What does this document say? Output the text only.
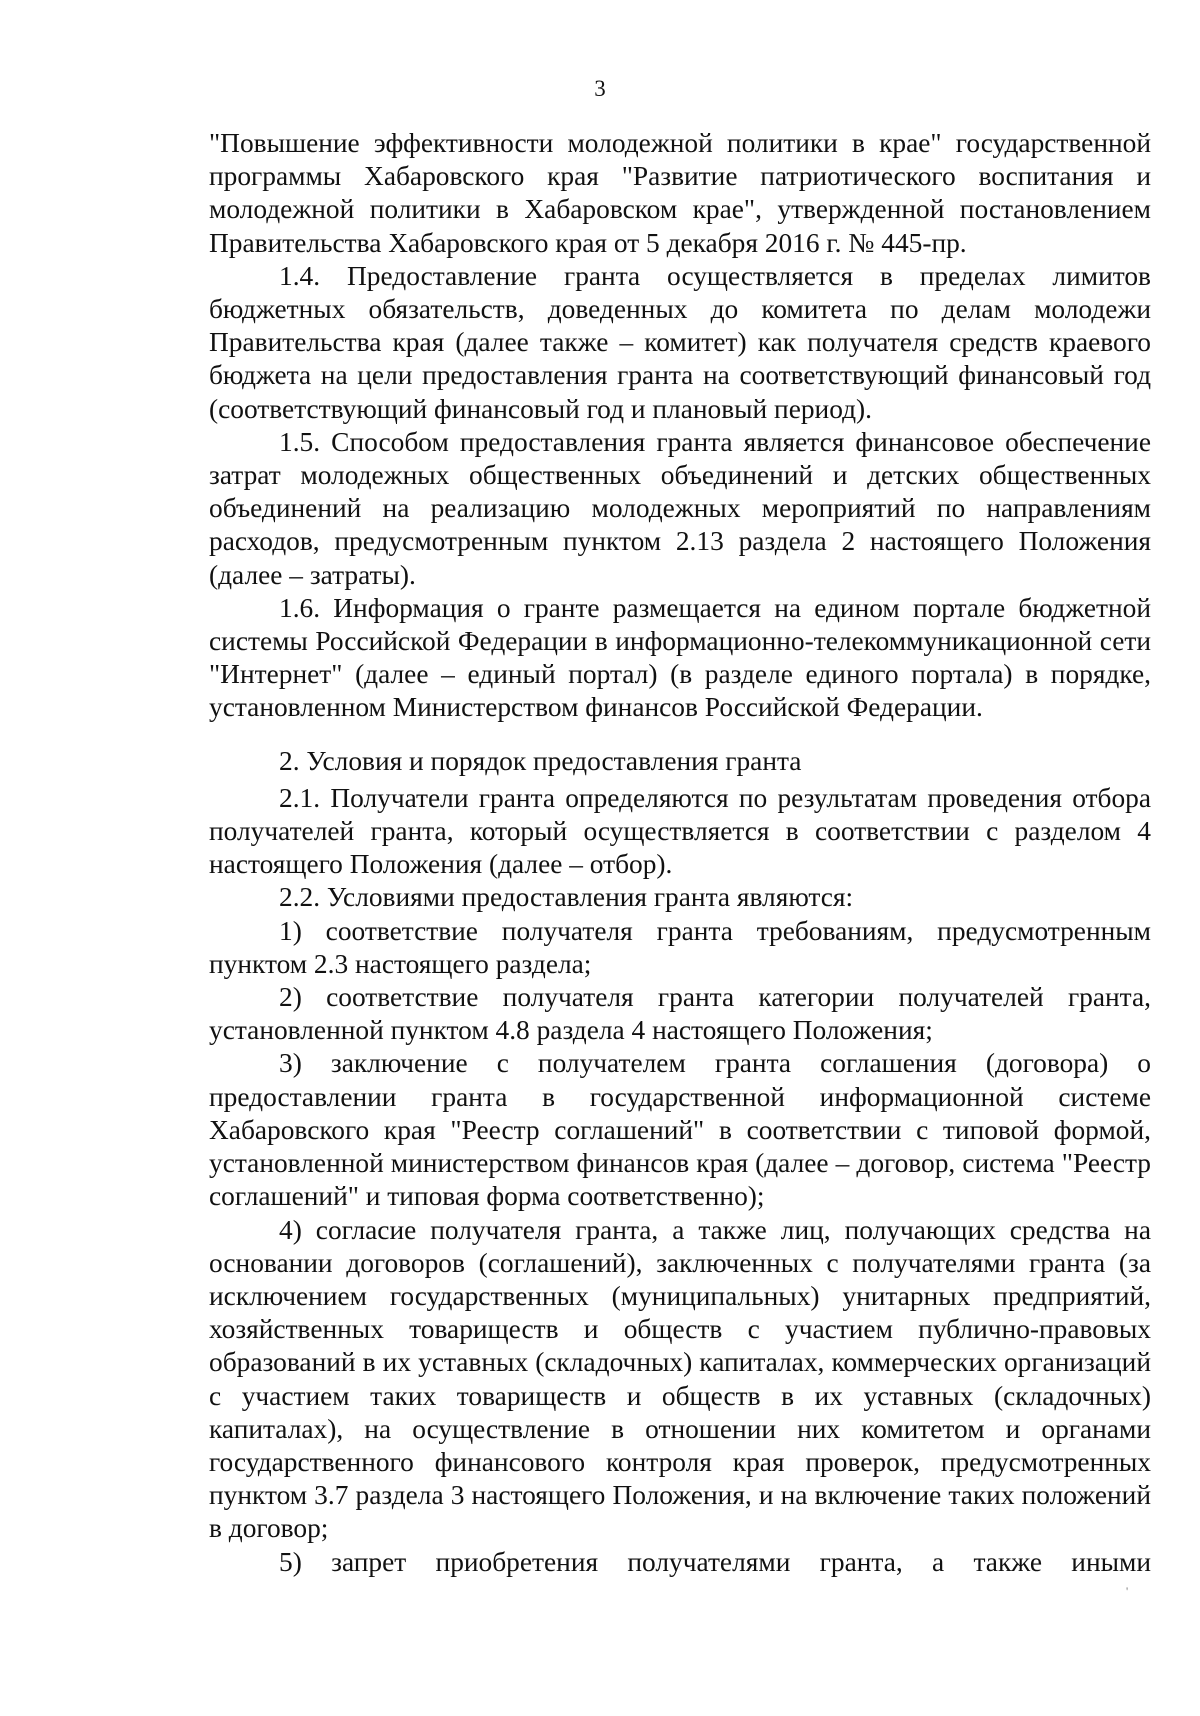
3

"Повышение эффективности молодежной политики в крае" государственной программы Хабаровского края "Развитие патриотического воспитания и молодежной политики в Хабаровском крае", утвержденной постановлением Правительства Хабаровского края от 5 декабря 2016 г. № 445-пр.

1.4. Предоставление гранта осуществляется в пределах лимитов бюджетных обязательств, доведенных до комитета по делам молодежи Правительства края (далее также – комитет) как получателя средств краевого бюджета на цели предоставления гранта на соответствующий финансовый год (соответствующий финансовый год и плановый период).

1.5. Способом предоставления гранта является финансовое обеспечение затрат молодежных общественных объединений и детских общественных объединений на реализацию молодежных мероприятий по направлениям расходов, предусмотренным пунктом 2.13 раздела 2 настоящего Положения (далее – затраты).

1.6. Информация о гранте размещается на едином портале бюджетной системы Российской Федерации в информационно-телекоммуникационной сети "Интернет" (далее – единый портал) (в разделе единого портала) в порядке, установленном Министерством финансов Российской Федерации.

2. Условия и порядок предоставления гранта

2.1. Получатели гранта определяются по результатам проведения отбора получателей гранта, который осуществляется в соответствии с разделом 4 настоящего Положения (далее – отбор).

2.2. Условиями предоставления гранта являются:

1) соответствие получателя гранта требованиям, предусмотренным пунктом 2.3 настоящего раздела;

2) соответствие получателя гранта категории получателей гранта, установленной пунктом 4.8 раздела 4 настоящего Положения;

3) заключение с получателем гранта соглашения (договора) о предоставлении гранта в государственной информационной системе Хабаровского края "Реестр соглашений" в соответствии с типовой формой, установленной министерством финансов края (далее – договор, система "Реестр соглашений" и типовая форма соответственно);

4) согласие получателя гранта, а также лиц, получающих средства на основании договоров (соглашений), заключенных с получателями гранта (за исключением государственных (муниципальных) унитарных предприятий, хозяйственных товариществ и обществ с участием публично-правовых образований в их уставных (складочных) капиталах, коммерческих организаций с участием таких товариществ и обществ в их уставных (складочных) капиталах), на осуществление в отношении них комитетом и органами государственного финансового контроля края проверок, предусмотренных пунктом 3.7 раздела 3 настоящего Положения, и на включение таких положений в договор;

5) запрет приобретения получателями гранта, а также иными

'
